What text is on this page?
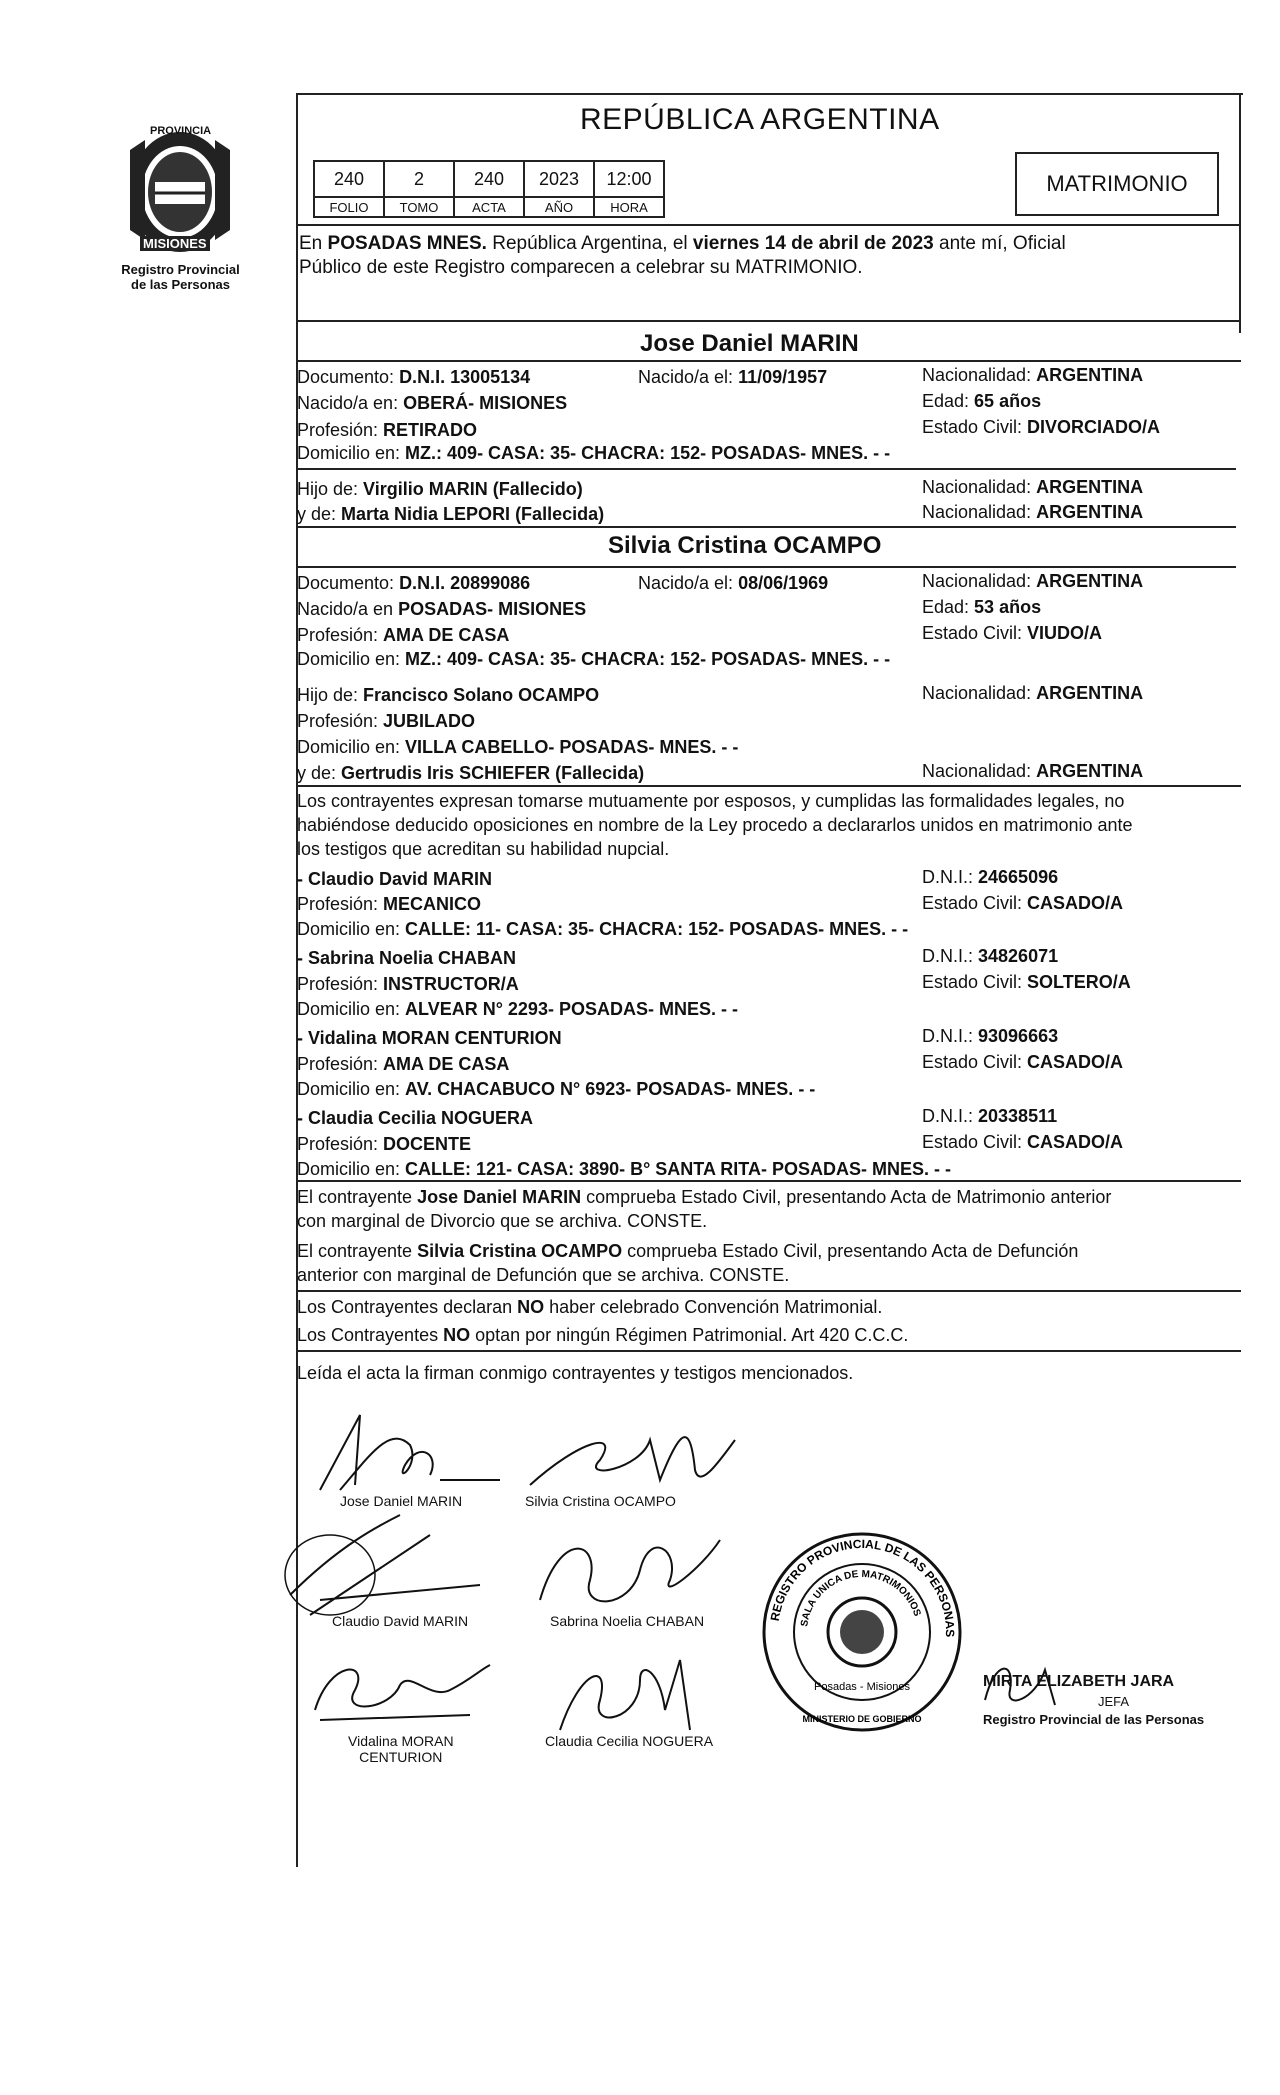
PROVINCIA
MISIONES
Registro Provincial
de las Personas
REPÚBLICA ARGENTINA
240	2	240	2023	12:00
FOLIO	TOMO	ACTA	AÑO	HORA
MATRIMONIO
En POSADAS MNES. República Argentina, el viernes 14 de abril de 2023 ante mí, Oficial
Público de este Registro comparecen a celebrar su MATRIMONIO.
Jose Daniel MARIN
Documento: D.N.I. 13005134	Nacido/a el: 11/09/1957	Nacionalidad: ARGENTINA
Nacido/a en: OBERÁ- MISIONES	Edad: 65 años
Profesión: RETIRADO	Estado Civil: DIVORCIADO/A
Domicilio en: MZ.: 409- CASA: 35- CHACRA: 152- POSADAS- MNES. - -
Hijo de: Virgilio MARIN (Fallecido)	Nacionalidad: ARGENTINA
y de: Marta Nidia LEPORI (Fallecida)	Nacionalidad: ARGENTINA
Silvia Cristina OCAMPO
Documento: D.N.I. 20899086	Nacido/a el: 08/06/1969	Nacionalidad: ARGENTINA
Nacido/a en POSADAS- MISIONES	Edad: 53 años
Profesión: AMA DE CASA	Estado Civil: VIUDO/A
Domicilio en: MZ.: 409- CASA: 35- CHACRA: 152- POSADAS- MNES. - -
Hijo de: Francisco Solano OCAMPO	Nacionalidad: ARGENTINA
Profesión: JUBILADO
Domicilio en: VILLA CABELLO- POSADAS- MNES. - -
y de: Gertrudis Iris SCHIEFER (Fallecida)	Nacionalidad: ARGENTINA
Los contrayentes expresan tomarse mutuamente por esposos, y cumplidas las formalidades legales, no
habiéndose deducido oposiciones en nombre de la Ley procedo a declararlos unidos en matrimonio ante
los testigos que acreditan su habilidad nupcial.
- Claudio David MARIN	D.N.I.: 24665096
Profesión: MECANICO	Estado Civil: CASADO/A
Domicilio en: CALLE: 11- CASA: 35- CHACRA: 152- POSADAS- MNES. - -
- Sabrina Noelia CHABAN	D.N.I.: 34826071
Profesión: INSTRUCTOR/A	Estado Civil: SOLTERO/A
Domicilio en: ALVEAR N° 2293- POSADAS- MNES. - -
- Vidalina MORAN CENTURION	D.N.I.: 93096663
Profesión: AMA DE CASA	Estado Civil: CASADO/A
Domicilio en: AV. CHACABUCO N° 6923- POSADAS- MNES. - -
- Claudia Cecilia NOGUERA	D.N.I.: 20338511
Profesión: DOCENTE	Estado Civil: CASADO/A
Domicilio en: CALLE: 121- CASA: 3890- B° SANTA RITA- POSADAS- MNES. - -
El contrayente Jose Daniel MARIN comprueba Estado Civil, presentando Acta de Matrimonio anterior
con marginal de Divorcio que se archiva. CONSTE.
El contrayente Silvia Cristina OCAMPO comprueba Estado Civil, presentando Acta de Defunción
anterior con marginal de Defunción que se archiva. CONSTE.
Los Contrayentes declaran NO haber celebrado Convención Matrimonial.
Los Contrayentes NO optan por ningún Régimen Patrimonial. Art 420 C.C.C.
Leída el acta la firman conmigo contrayentes y testigos mencionados.
Jose Daniel MARIN	Silvia Cristina OCAMPO
Claudio David MARIN	Sabrina Noelia CHABAN
Vidalina MORAN
CENTURION
Claudia Cecilia NOGUERA
REGISTRO PROVINCIAL DE LAS PERSONAS
SALA UNICA DE MATRIMONIOS
Posadas - Misiones
MINISTERIO DE GOBIERNO
MIRTA ELIZABETH JARA
JEFA
Registro Provincial de las Personas
